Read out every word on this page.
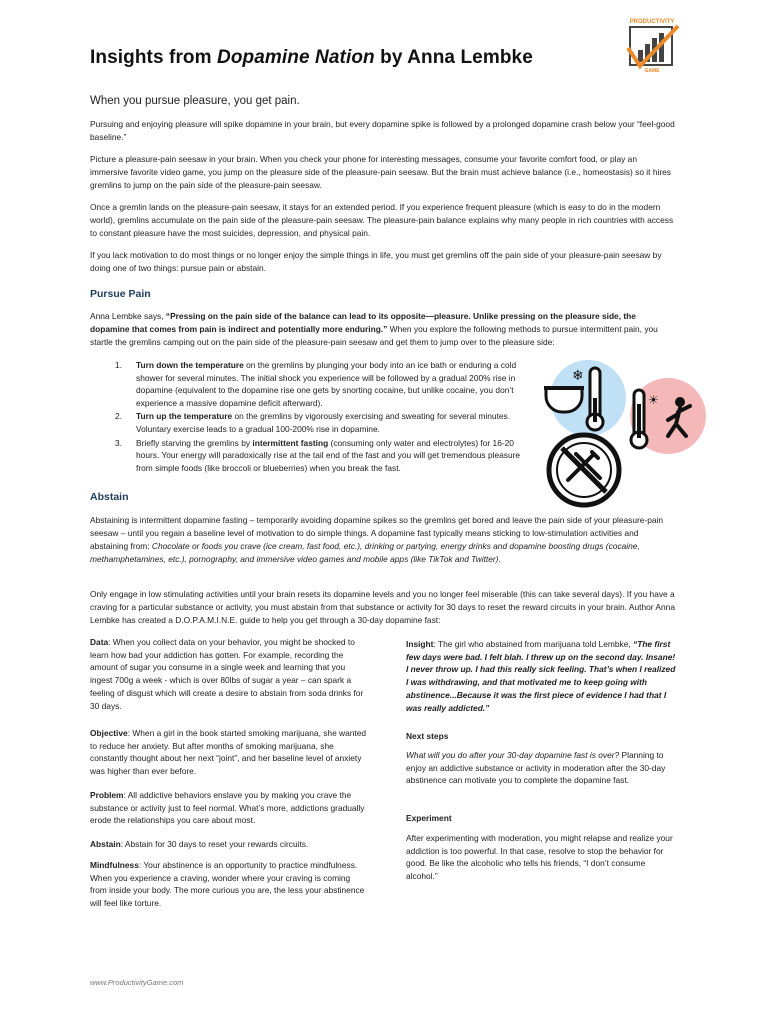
Insights from Dopamine Nation by Anna Lembke
PRODUCTIVITY
GAME

When you pursue pleasure, you get pain.

Pursuing and enjoying pleasure will spike dopamine in your brain, but every dopamine spike is followed by a prolonged dopamine crash below your “feel-good baseline.”

Picture a pleasure-pain seesaw in your brain. When you check your phone for interesting messages, consume your favorite comfort food, or play an immersive favorite video game, you jump on the pleasure side of the pleasure-pain seesaw. But the brain must achieve balance (i.e., homeostasis) so it hires gremlins to jump on the pain side of the pleasure-pain seesaw.

Once a gremlin lands on the pleasure-pain seesaw, it stays for an extended period. If you experience frequent pleasure (which is easy to do in the modern world), gremlins accumulate on the pain side of the pleasure-pain seesaw. The pleasure-pain balance explains why many people in rich countries with access to constant pleasure have the most suicides, depression, and physical pain.

If you lack motivation to do most things or no longer enjoy the simple things in life, you must get gremlins off the pain side of your pleasure-pain seesaw by doing one of two things: pursue pain or abstain.

Pursue Pain

Anna Lembke says, “Pressing on the pain side of the balance can lead to its opposite—pleasure. Unlike pressing on the pleasure side, the dopamine that comes from pain is indirect and potentially more enduring.” When you explore the following methods to pursue intermittent pain, you startle the gremlins camping out on the pain side of the pleasure-pain seesaw and get them to jump over to the pleasure side:

1. Turn down the temperature on the gremlins by plunging your body into an ice bath or enduring a cold shower for several minutes. The initial shock you experience will be followed by a gradual 200% rise in dopamine (equivalent to the dopamine rise one gets by snorting cocaine, but unlike cocaine, you don’t experience a massive dopamine deficit afterward).
2. Turn up the temperature on the gremlins by vigorously exercising and sweating for several minutes. Voluntary exercise leads to a gradual 100-200% rise in dopamine.
3. Briefly starving the gremlins by intermittent fasting (consuming only water and electrolytes) for 16-20 hours. Your energy will paradoxically rise at the tail end of the fast and you will get tremendous pleasure from simple foods (like broccoli or blueberries) when you break the fast.
❄
☀
Abstain

Abstaining is intermittent dopamine fasting – temporarily avoiding dopamine spikes so the gremlins get bored and leave the pain side of your pleasure-pain seesaw – until you regain a baseline level of motivation to do simple things. A dopamine fast typically means sticking to low-stimulation activities and abstaining from: Chocolate or foods you crave (ice cream, fast food, etc.), drinking or partying, energy drinks and dopamine boosting drugs (cocaine, methamphetamines, etc.), pornography, and immersive video games and mobile apps (like TikTok and Twitter).

Only engage in low stimulating activities until your brain resets its dopamine levels and you no longer feel miserable (this can take several days). If you have a craving for a particular substance or activity, you must abstain from that substance or activity for 30 days to reset the reward circuits in your brain. Author Anna Lembke has created a D.O.P.A.M.I.N.E. guide to help you get through a 30-day dopamine fast:

Data: When you collect data on your behavior, you might be shocked to learn how bad your addiction has gotten. For example, recording the amount of sugar you consume in a single week and learning that you ingest 700g a week - which is over 80lbs of sugar a year – can spark a feeling of disgust which will create a desire to abstain from soda drinks for 30 days.

Objective: When a girl in the book started smoking marijuana, she wanted to reduce her anxiety. But after months of smoking marijuana, she constantly thought about her next “joint”, and her baseline level of anxiety was higher than ever before.

Problem: All addictive behaviors enslave you by making you crave the substance or activity just to feel normal. What’s more, addictions gradually erode the relationships you care about most.

Abstain: Abstain for 30 days to reset your rewards circuits.

Mindfulness: Your abstinence is an opportunity to practice mindfulness. When you experience a craving, wonder where your craving is coming from inside your body. The more curious you are, the less your abstinence will feel like torture.

Insight: The girl who abstained from marijuana told Lembke, “The first few days were bad. I felt blah. I threw up on the second day. Insane! I never throw up. I had this really sick feeling. That’s when I realized I was withdrawing, and that motivated me to keep going with abstinence...Because it was the first piece of evidence I had that I was really addicted.”

Next steps

What will you do after your 30-day dopamine fast is over? Planning to enjoy an addictive substance or activity in moderation after the 30-day abstinence can motivate you to complete the dopamine fast.

Experiment

After experimenting with moderation, you might relapse and realize your addiction is too powerful. In that case, resolve to stop the behavior for good. Be like the alcoholic who tells his friends, “I don’t consume alcohol.”

www.ProductivityGame.com
